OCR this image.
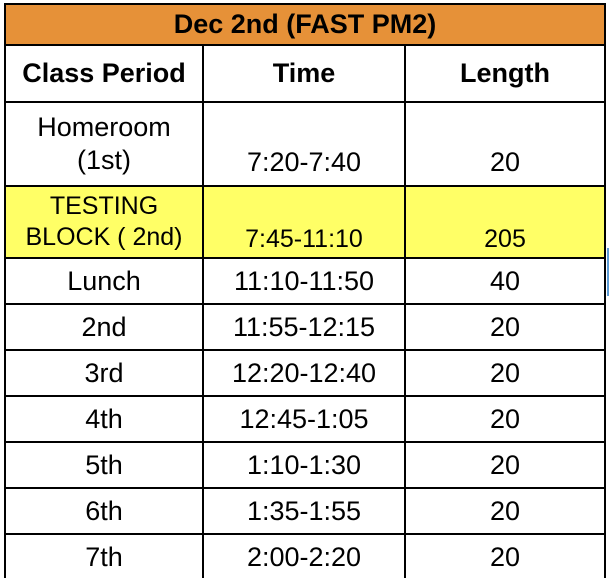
Dec 2nd (FAST PM2)		
Class Period	Time	Length

Homeroom
(1st)	7:20-7:40	20

TESTING
BLOCK ( 2nd)	7:45-11:10	205
Lunch	11:10-11:50	40
2nd	11:55-12:15	20
3rd	12:20-12:40	20
4th	12:45-1:05	20
5th	1:10-1:30	20
6th	1:35-1:55	20
7th	2:00-2:20	20
